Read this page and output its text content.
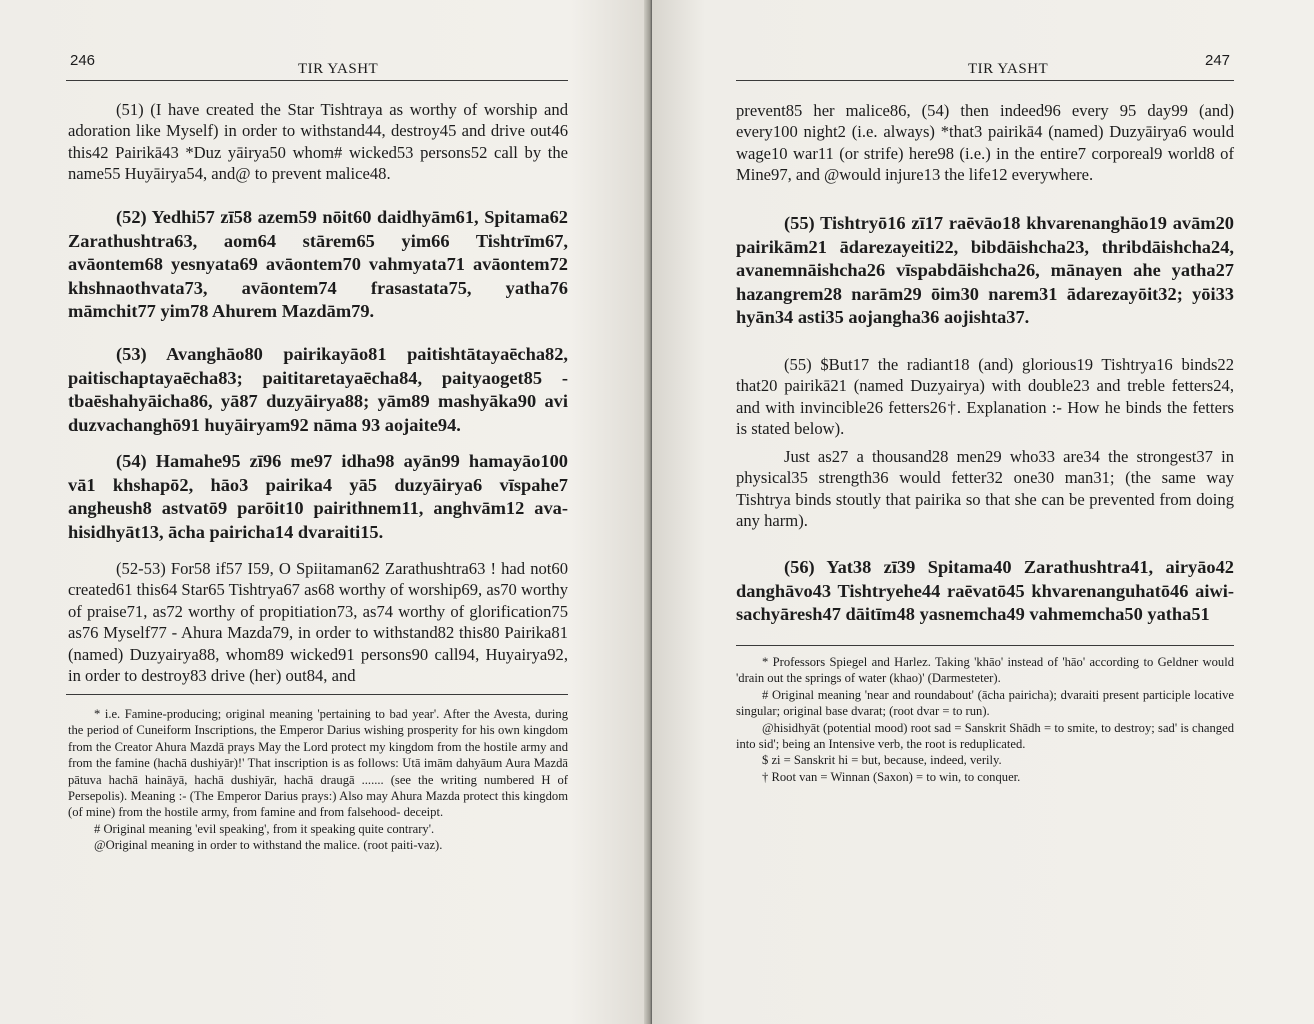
246	TIR YASHT
(51) (I have created the Star Tishtraya as worthy of worship and adoration like Myself) in order to withstand44, destroy45 and drive out46 this42 Pairikā43 *Duz yāirya50 whom# wicked53 persons52 call by the name55 Huyāirya54, and@ to prevent malice48.
(52) Yedhi57 zī58 azem59 nōit60 daidhyām61, Spitama62 Zarathushtra63, aom64 stārem65 yim66 Tishtrīm67, avāontem68 yesnyata69 avāontem70 vahmyata71 avāontem72 khshnaothvata73, avāontem74 frasastata75, yatha76 māmchit77 yim78 Ahurem Mazdām79.
(53) Avanghāo80 pairikayāo81 paitishtātayaēcha82, paitischaptayaēcha83; paititaretayaēcha84, paityaoget85 - tbaēshahyāicha86, yā87 duzyāirya88; yām89 mashyāka90 avi duzvachanghō91 huyāiryam92 nāma 93 aojaite94.
(54) Hamahe95 zī96 me97 idha98 ayān99 hamayāo100 vā1 khshapō2, hāo3 pairika4 yā5 duzyāirya6 vīspahe7 angheush8 astvatō9 parōit10 pairithnem11, anghvām12 ava-hisidhyāt13, ācha pairicha14 dvaraiti15.
(52-53) For58 if57 I59, O Spiitaman62 Zarathushtra63 ! had not60 created61 this64 Star65 Tishtrya67 as68 worthy of worship69, as70 worthy of praise71, as72 worthy of propitiation73, as74 worthy of glorification75 as76 Myself77 - Ahura Mazda79, in order to withstand82 this80 Pairika81 (named) Duzyairya88, whom89 wicked91 persons90 call94, Huyairya92, in order to destroy83 drive (her) out84, and

* i.e. Famine-producing; original meaning 'pertaining to bad year'. After the Avesta, during the period of Cuneiform Inscriptions, the Emperor Darius wishing prosperity for his own kingdom from the Creator Ahura Mazdā prays May the Lord protect my kingdom from the hostile army and from the famine (hachā dushiyār)!' That inscription is as follows: Utā imām dahyāum Aura Mazdā pātuva hachā haināyā, hachā dushiyār, hachā draugā ....... (see the writing numbered H of Persepolis). Meaning :- (The Emperor Darius prays:) Also may Ahura Mazda protect this kingdom (of mine) from the hostile army, from famine and from falsehood- deceipt.

# Original meaning 'evil speaking', from it speaking quite contrary'.

@Original meaning in order to withstand the malice. (root paiti-vaz).

247
TIR YASHT
prevent85 her malice86, (54) then indeed96 every 95 day99 (and) every100 night2 (i.e. always) *that3 pairikā4 (named) Duzyāirya6 would wage10 war11 (or strife) here98 (i.e.) in the entire7 corporeal9 world8 of Mine97, and @would injure13 the life12 everywhere.
(55) Tishtryō16 zī17 raēvāo18 khvarenanghāo19 avām20 pairikām21 ādarezayeiti22, bibdāishcha23, thribdāishcha24, avanemnāishcha26 vīspabdāishcha26, mānayen ahe yatha27 hazangrem28 narām29 ōim30 narem31 ādarezayōit32; yōi33 hyān34 asti35 aojangha36 aojishta37.
(55) $But17 the radiant18 (and) glorious19 Tishtrya16 binds22 that20 pairikā21 (named Duzyairya) with double23 and treble fetters24, and with invincible26 fetters26†. Explanation :- How he binds the fetters is stated below).
Just as27 a thousand28 men29 who33 are34 the strongest37 in physical35 strength36 would fetter32 one30 man31; (the same way Tishtrya binds stoutly that pairika so that she can be prevented from doing any harm).
(56) Yat38 zī39 Spitama40 Zarathushtra41, airyāo42 danghāvo43 Tishtryehe44 raēvatō45 khvarenanguhatō46 aiwi-sachyāresh47 dāitīm48 yasnemcha49 vahmemcha50 yatha51

* Professors Spiegel and Harlez. Taking 'khāo' instead of 'hāo' according to Geldner would 'drain out the springs of water (khao)' (Darmesteter).

# Original meaning 'near and roundabout' (ācha pairicha); dvaraiti present participle locative singular; original base dvarat; (root dvar = to run).

@hisidhyāt (potential mood) root sad = Sanskrit Shādh = to smite, to destroy; sad' is changed into sid'; being an Intensive verb, the root is reduplicated.

$ zi = Sanskrit hi = but, because, indeed, verily.

† Root van = Winnan (Saxon) = to win, to conquer.
